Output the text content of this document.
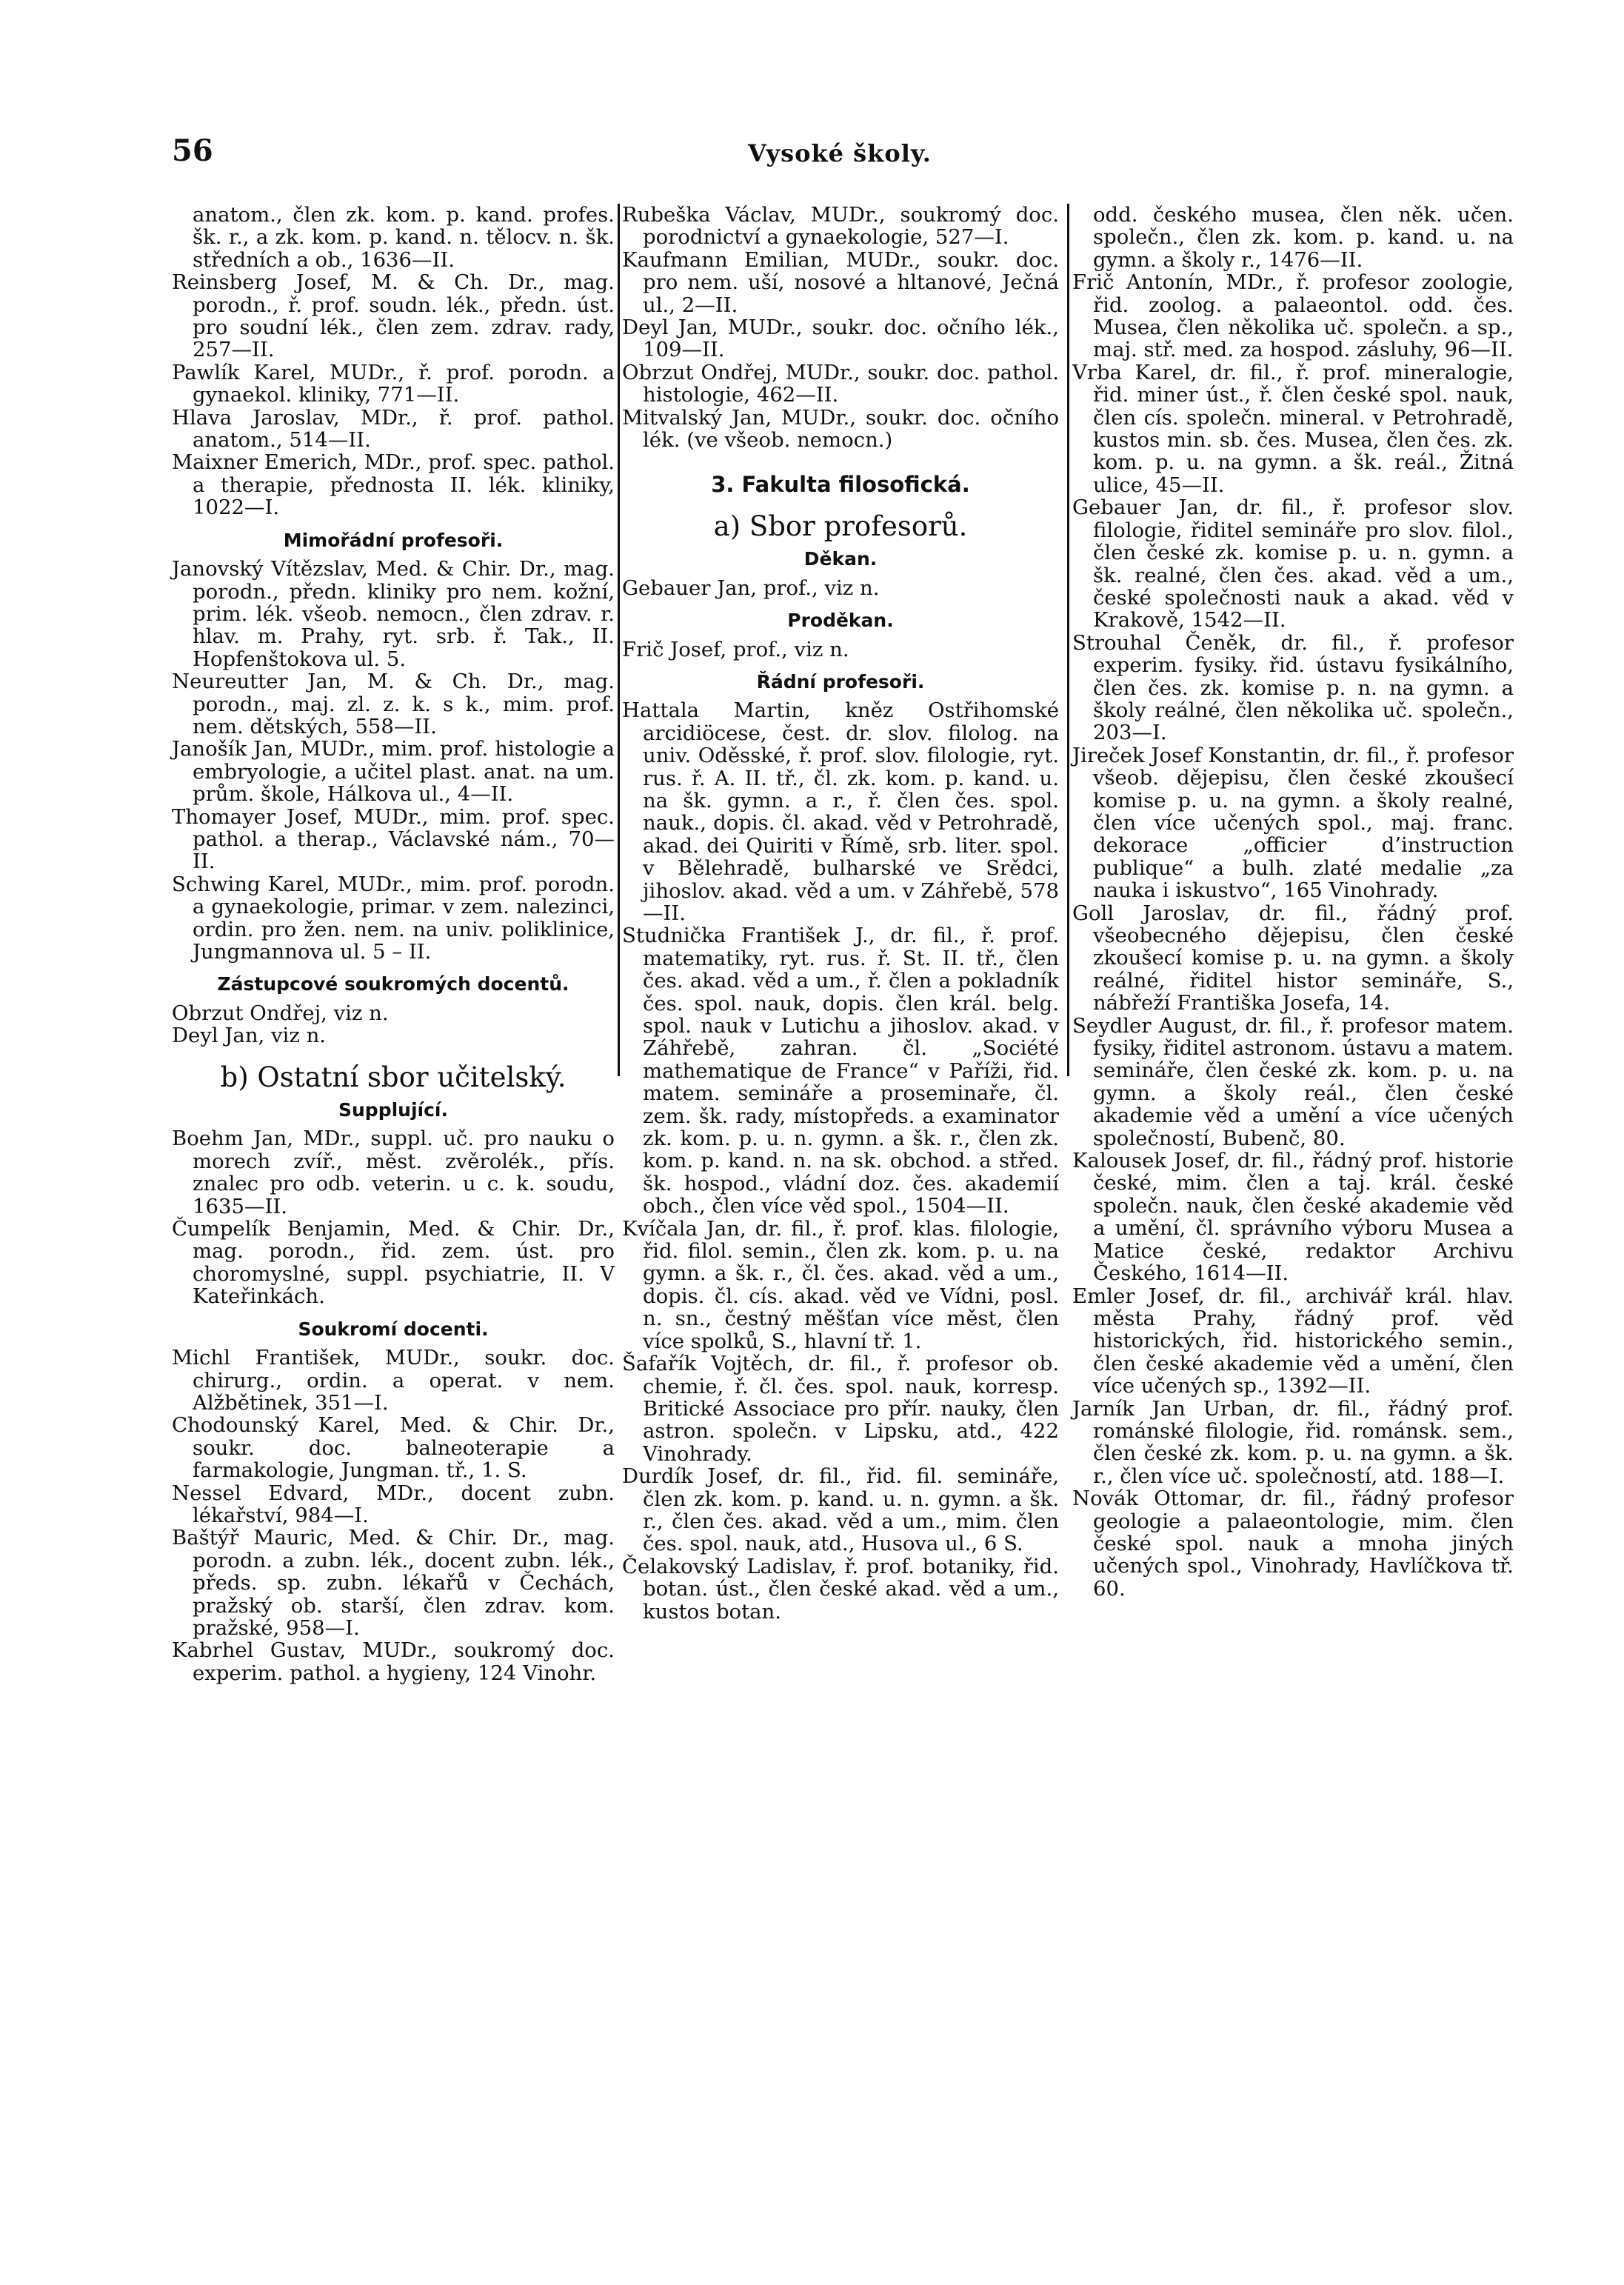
56	Vysoké školy.

anatom., člen zk. kom. p. kand. profes. šk. r., a zk. kom. p. kand. n. tělocv. n. šk. středních a ob., 1636—II.

Reinsberg Josef, M. & Ch. Dr., mag. porodn., ř. prof. soudn. lék., předn. úst. pro soudní lék., člen zem. zdrav. rady, 257—II.

Pawlík Karel, MUDr., ř. prof. porodn. a gynaekol. kliniky, 771—II.

Hlava Jaroslav, MDr., ř. prof. pathol. anatom., 514—II.

Maixner Emerich, MDr., prof. spec. pathol. a therapie, přednosta II. lék. kliniky, 1022—I.

Mimořádní profesoři.

Janovský Vítězslav, Med. & Chir. Dr., mag. porodn., předn. kliniky pro nem. kožní, prim. lék. všeob. nemocn., člen zdrav. r. hlav. m. Prahy, ryt. srb. ř. Tak., II. Hopfenštokova ul. 5.

Neureutter Jan, M. & Ch. Dr., mag. porodn., maj. zl. z. k. s k., mim. prof. nem. dětských, 558—II.

Janošík Jan, MUDr., mim. prof. histologie a embryologie, a učitel plast. anat. na um. prům. škole, Hálkova ul., 4—II.

Thomayer Josef, MUDr., mim. prof. spec. pathol. a therap., Václavské nám., 70—II.

Schwing Karel, MUDr., mim. prof. porodn. a gynaekologie, primar. v zem. nalezinci, ordin. pro žen. nem. na univ. poliklinice, Jungmannova ul. 5 – II.

Zástupcové soukromých docentů.

Obrzut Ondřej, viz n.

Deyl Jan, viz n.

b) Ostatní sbor učitelský.
Supplující.

Boehm Jan, MDr., suppl. uč. pro nauku o morech zvíř., měst. zvěrolék., přís. znalec pro odb. veterin. u c. k. soudu, 1635—II.

Čumpelík Benjamin, Med. & Chir. Dr., mag. porodn., řid. zem. úst. pro choromyslné, suppl. psychiatrie, II. V Kateřinkách.

Soukromí docenti.

Michl František, MUDr., soukr. doc. chirurg., ordin. a operat. v nem. Alžbětinek, 351—I.

Chodounský Karel, Med. & Chir. Dr., soukr. doc. balneoterapie a farmakologie, Jungman. tř., 1. S.

Nessel Edvard, MDr., docent zubn. lékařství, 984—I.

Baštýř Mauric, Med. & Chir. Dr., mag. porodn. a zubn. lék., docent zubn. lék., předs. sp. zubn. lékařů v Čechách, pražský ob. starší, člen zdrav. kom. pražské, 958—I.

Kabrhel Gustav, MUDr., soukromý doc. experim. pathol. a hygieny, 124 Vinohr.

Rubeška Václav, MUDr., soukromý doc. porodnictví a gynaekologie, 527—I.

Kaufmann Emilian, MUDr., soukr. doc. pro nem. uší, nosové a hltanové, Ječná ul., 2—II.

Deyl Jan, MUDr., soukr. doc. očního lék., 109—II.

Obrzut Ondřej, MUDr., soukr. doc. pathol. histologie, 462—II.

Mitvalský Jan, MUDr., soukr. doc. očního lék. (ve všeob. nemocn.)

3. Fakulta filosofická.
a) Sbor profesorů.
Děkan.

Gebauer Jan, prof., viz n.

Proděkan.

Frič Josef, prof., viz n.

Řádní profesoři.

Hattala Martin, kněz Ostřihomské arcidiöcese, čest. dr. slov. filolog. na univ. Oděsské, ř. prof. slov. filologie, ryt. rus. ř. A. II. tř., čl. zk. kom. p. kand. u. na šk. gymn. a r., ř. člen čes. spol. nauk., dopis. čl. akad. věd v Petrohradě, akad. dei Quiriti v Římě, srb. liter. spol. v Bělehradě, bulharské ve Srědci, jihoslov. akad. věd a um. v Záhřebě, 578—II.

Studnička František J., dr. fil., ř. prof. matematiky, ryt. rus. ř. St. II. tř., člen čes. akad. věd a um., ř. člen a pokladník čes. spol. nauk, dopis. člen král. belg. spol. nauk v Lutichu a jihoslov. akad. v Záhřebě, zahran. čl. „Société mathematique de France“ v Paříži, řid. matem. semináře a proseminaře, čl. zem. šk. rady, místopředs. a examinator zk. kom. p. u. n. gymn. a šk. r., člen zk. kom. p. kand. n. na sk. obchod. a střed. šk. hospod., vládní doz. čes. akademií obch., člen více věd spol., 1504—II.

Kvíčala Jan, dr. fil., ř. prof. klas. filologie, řid. filol. semin., člen zk. kom. p. u. na gymn. a šk. r., čl. čes. akad. věd a um., dopis. čl. cís. akad. věd ve Vídni, posl. n. sn., čestný měšťan více měst, člen více spolků, S., hlavní tř. 1.

Šafařík Vojtěch, dr. fil., ř. profesor ob. chemie, ř. čl. čes. spol. nauk, korresp. Britické Associace pro přír. nauky, člen astron. společn. v Lipsku, atd., 422 Vinohrady.

Durdík Josef, dr. fil., řid. fil. semináře, člen zk. kom. p. kand. u. n. gymn. a šk. r., člen čes. akad. věd a um., mim. člen čes. spol. nauk, atd., Husova ul., 6 S.

Čelakovský Ladislav, ř. prof. botaniky, řid. botan. úst., člen české akad. věd a um., kustos botan.

odd. českého musea, člen něk. učen. společn., člen zk. kom. p. kand. u. na gymn. a školy r., 1476—II.

Frič Antonín, MDr., ř. profesor zoologie, řid. zoolog. a palaeontol. odd. čes. Musea, člen několika uč. společn. a sp., maj. stř. med. za hospod. zásluhy, 96—II.

Vrba Karel, dr. fil., ř. prof. mineralogie, řid. miner úst., ř. člen české spol. nauk, člen cís. společn. mineral. v Petrohradě, kustos min. sb. čes. Musea, člen čes. zk. kom. p. u. na gymn. a šk. reál., Žitná ulice, 45—II.

Gebauer Jan, dr. fil., ř. profesor slov. filologie, řiditel semináře pro slov. filol., člen české zk. komise p. u. n. gymn. a šk. realné, člen čes. akad. věd a um., české společnosti nauk a akad. věd v Krakově, 1542—II.

Strouhal Čeněk, dr. fil., ř. profesor experim. fysiky. řid. ústavu fysikálního, člen čes. zk. komise p. n. na gymn. a školy reálné, člen několika uč. společn., 203—I.

Jireček Josef Konstantin, dr. fil., ř. profesor všeob. dějepisu, člen české zkoušecí komise p. u. na gymn. a školy realné, člen více učených spol., maj. franc. dekorace „officier d’instruction publique“ a bulh. zlaté medalie „za nauka i iskustvo“, 165 Vinohrady.

Goll Jaroslav, dr. fil., řádný prof. všeobecného dějepisu, člen české zkoušecí komise p. u. na gymn. a školy reálné, řiditel histor semináře, S., nábřeží Františka Josefa, 14.

Seydler August, dr. fil., ř. profesor matem. fysiky, řiditel astronom. ústavu a matem. semináře, člen české zk. kom. p. u. na gymn. a školy reál., člen české akademie věd a umění a více učených společností, Bubenč, 80.

Kalousek Josef, dr. fil., řádný prof. historie české, mim. člen a taj. král. české společn. nauk, člen české akademie věd a umění, čl. správního výboru Musea a Matice české, redaktor Archivu Českého, 1614—II.

Emler Josef, dr. fil., archivář král. hlav. města Prahy, řádný prof. věd historických, řid. historického semin., člen české akademie věd a umění, člen více učených sp., 1392—II.

Jarník Jan Urban, dr. fil., řádný prof. románské filologie, řid. románsk. sem., člen české zk. kom. p. u. na gymn. a šk. r., člen více uč. společností, atd. 188—I.

Novák Ottomar, dr. fil., řádný profesor geologie a palaeontologie, mim. člen české spol. nauk a mnoha jiných učených spol., Vinohrady, Havlíčkova tř. 60.
